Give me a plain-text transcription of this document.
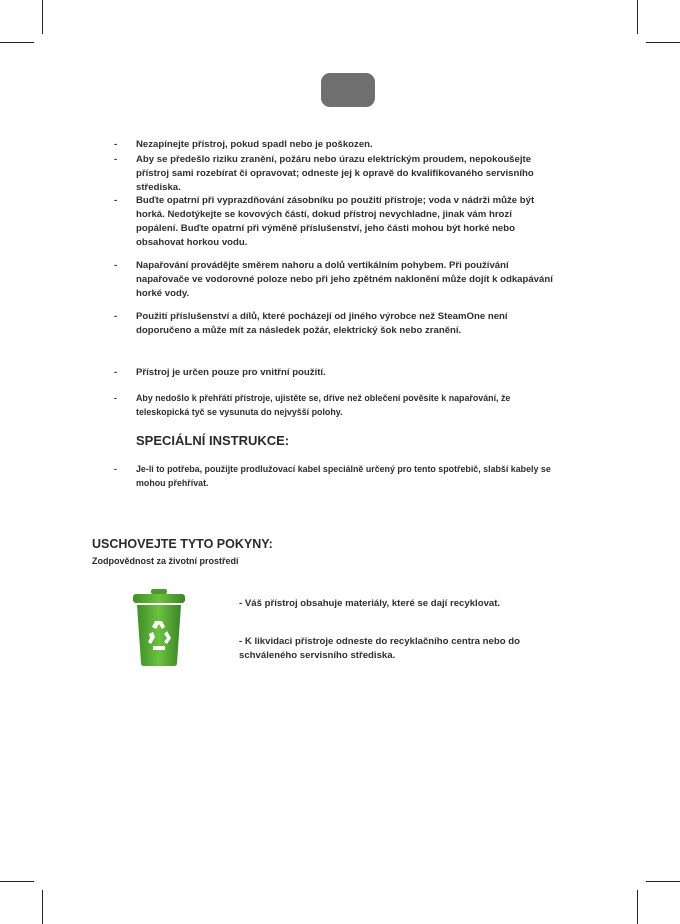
- Nezapínejte přístroj, pokud spadl nebo je poškozen.
- Aby se předešlo riziku zranění, požáru nebo úrazu elektrickým proudem, nepokoušejte přístroj sami rozebírat či opravovat; odneste jej k opravě do kvalifikovaného servisního střediska.
- Buďte opatrní při vyprazdňování zásobníku po použití přístroje; voda v nádrži může být horká. Nedotýkejte se kovových částí, dokud přístroj nevychladne, jinak vám hrozí popálení. Buďte opatrní při výměně příslušenství, jeho části mohou být horké nebo obsahovat horkou vodu.
- Napařování provádějte směrem nahoru a dolů vertikálním pohybem. Při používání napařovače ve vodorovné poloze nebo při jeho zpětném naklonění může dojít k odkapávání horké vody.
- Použití příslušenství a dílů, které pocházejí od jiného výrobce než SteamOne není doporučeno a může mít za následek požár, elektrický šok nebo zranění.
- Přístroj je určen pouze pro vnitřní použití.
- Aby nedošlo k přehřátí přístroje, ujistěte se, dříve než oblečení pověsíte k napařování, že teleskopická tyč se vysunuta do nejvyšší polohy.
SPECIÁLNÍ INSTRUKCE:
- Je-li to potřeba, použijte prodlužovací kabel speciálně určený pro tento spotřebič, slabší kabely se mohou přehřívat.
USCHOVEJTE TYTO POKYNY:
Zodpovědnost za životní prostředí
- Váš přístroj obsahuje materiály, které se dají recyklovat.
- K likvidaci přístroje odneste do recyklačního centra nebo do schváleného servisního střediska.
